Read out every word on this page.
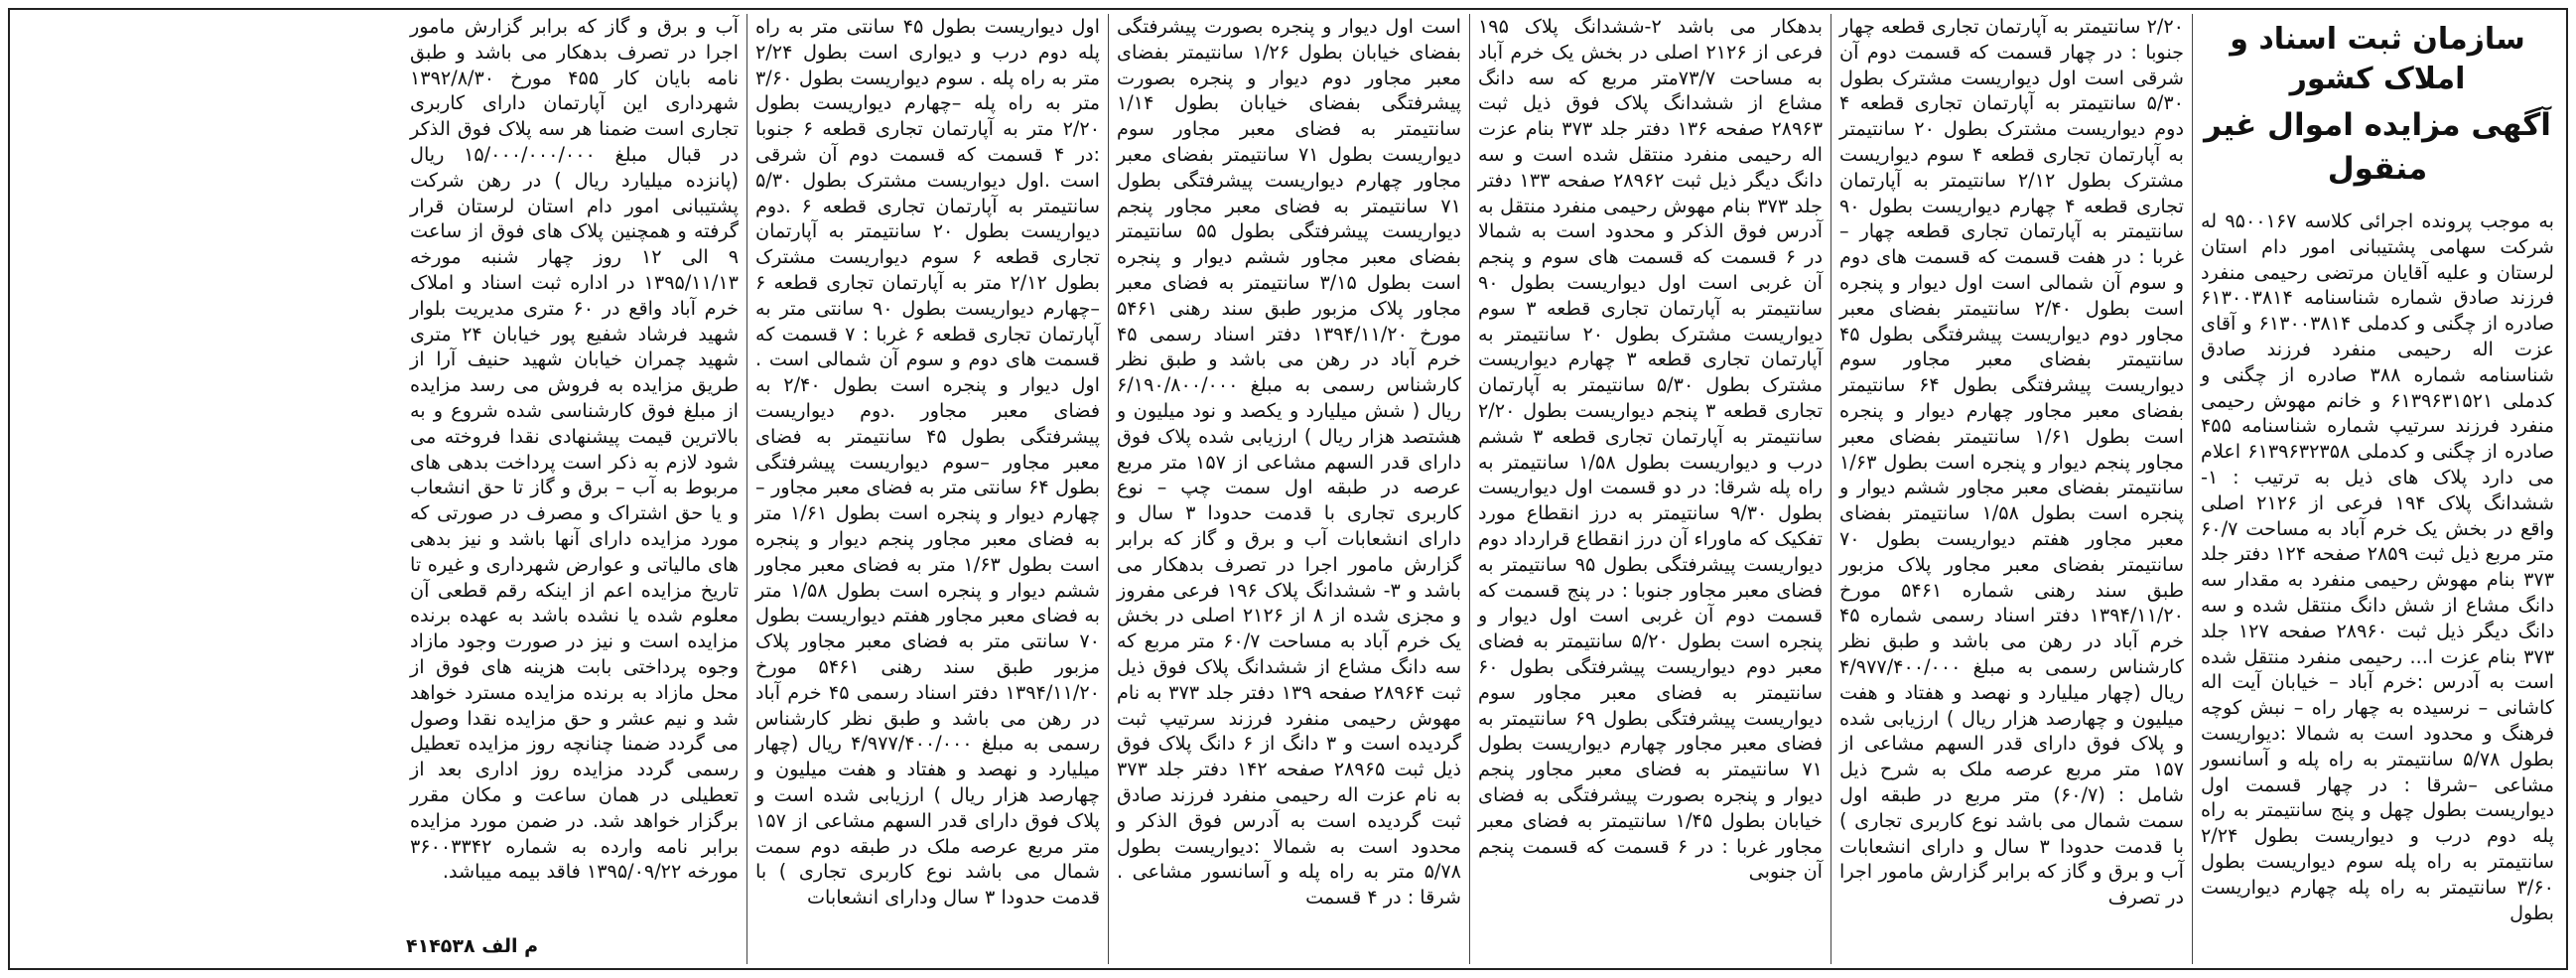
سازمان ثبت اسناد و املاک کشور
آگهی مزایده اموال غیر منقول

به موجب پرونده اجرائی کلاسه ۹۵۰۰۱۶۷ له شرکت سهامی پشتیبانی امور دام استان لرستان و علیه آقایان مرتضی رحیمی منفرد فرزند صادق شماره شناسنامه ۶۱۳۰۰۳۸۱۴ صادره از چگنی و کدملی ۶۱۳۰۰۳۸۱۴ و آقای عزت اله رحیمی منفرد فرزند صادق شناسنامه شماره ۳۸۸ صادره از چگنی و کدملی ۶۱۳۹۶۳۱۵۲۱ و خانم مهوش رحیمی منفرد فرزند سرتیپ شماره شناسنامه ۴۵۵ صادره از چگنی و کدملی ۶۱۳۹۶۳۲۳۵۸ اعلام می دارد پلاک های ذیل به ترتیب : ۱-ششدانگ پلاک ۱۹۴ فرعی از ۲۱۲۶ اصلی واقع در بخش یک خرم آباد به مساحت ۶۰/۷ متر مربع ذیل ثبت ۲۸۵۹ صفحه ۱۲۴ دفتر جلد ۳۷۳ بنام مهوش رحیمی منفرد به مقدار سه دانگ مشاع از شش دانگ منتقل شده و سه دانگ دیگر ذیل ثبت ۲۸۹۶۰ صفحه ۱۲۷ جلد ۳۷۳ بنام عزت ا... رحیمی منفرد منتقل شده است به آدرس :خرم آباد – خیابان آیت اله کاشانی – نرسیده به چهار راه – نبش کوچه فرهنگ و محدود است به شمالا :دیواریست بطول ۵/۷۸ سانتیمتر به راه پله و آسانسور مشاعی –شرقا : در چهار قسمت اول دیواریست بطول چهل و پنج سانتیمتر به راه پله دوم درب و دیواریست بطول ۲/۲۴ سانتیمتر به راه پله سوم دیواریست بطول ۳/۶۰ سانتیمتر به راه پله چهارم دیواریست بطول

۲/۲۰ سانتیمتر به آپارتمان تجاری قطعه چهار جنوبا : در چهار قسمت که قسمت دوم آن شرقی است اول دیواریست مشترک بطول ۵/۳۰ سانتیمتر به آپارتمان تجاری قطعه ۴ دوم دیواریست مشترک بطول ۲۰ سانتیمتر به آپارتمان تجاری قطعه ۴ سوم دیواریست مشترک بطول ۲/۱۲ سانتیمتر به آپارتمان تجاری قطعه ۴ چهارم دیواریست بطول ۹۰ سانتیمتر به آپارتمان تجاری قطعه چهار – غربا : در هفت قسمت که قسمت های دوم و سوم آن شمالی است اول دیوار و پنجره است بطول ۲/۴۰ سانتیمتر بفضای معبر مجاور دوم دیواریست پیشرفتگی بطول ۴۵ سانتیمتر بفضای معبر مجاور سوم دیواریست پیشرفتگی بطول ۶۴ سانتیمتر بفضای معبر مجاور چهارم دیوار و پنجره است بطول ۱/۶۱ سانتیمتر بفضای معبر مجاور پنجم دیوار و پنجره است بطول ۱/۶۳ سانتیمتر بفضای معبر مجاور ششم دیوار و پنجره است بطول ۱/۵۸ سانتیمتر بفضای معبر مجاور هفتم دیواریست بطول ۷۰ سانتیمتر بفضای معبر مجاور پلاک مزبور طبق سند رهنی شماره ۵۴۶۱ مورخ ۱۳۹۴/۱۱/۲۰ دفتر اسناد رسمی شماره ۴۵ خرم آباد در رهن می باشد و طبق نظر کارشناس رسمی به مبلغ ۴/۹۷۷/۴۰۰/۰۰۰ ریال (چهار میلیارد و نهصد و هفتاد و هفت میلیون و چهارصد هزار ریال ) ارزیابی شده و پلاک فوق دارای قدر السهم مشاعی از ۱۵۷ متر مربع عرصه ملک به شرح ذیل شامل : (۶۰/۷) متر مربع در طبقه اول سمت شمال می باشد نوع کاربری تجاری ) با قدمت حدودا ۳ سال و دارای انشعابات آب و برق و گاز که برابر گزارش مامور اجرا در تصرف

بدهکار می باشد ۲-ششدانگ پلاک ۱۹۵ فرعی از ۲۱۲۶ اصلی در بخش یک خرم آباد به مساحت ۷۳/۷متر مربع که سه دانگ مشاع از ششدانگ پلاک فوق ذیل ثبت ۲۸۹۶۳ صفحه ۱۳۶ دفتر جلد ۳۷۳ بنام عزت اله رحیمی منفرد منتقل شده است و سه دانگ دیگر ذیل ثبت ۲۸۹۶۲ صفحه ۱۳۳ دفتر جلد ۳۷۳ بنام مهوش رحیمی منفرد منتقل به آدرس فوق الذکر و محدود است به شمالا در ۶ قسمت که قسمت های سوم و پنجم آن غربی است اول دیواریست بطول ۹۰ سانتیمتر به آپارتمان تجاری قطعه ۳ سوم دیواریست مشترک بطول ۲۰ سانتیمتر به آپارتمان تجاری قطعه ۳ چهارم دیواریست مشترک بطول ۵/۳۰ سانتیمتر به آپارتمان تجاری قطعه ۳ پنجم دیواریست بطول ۲/۲۰ سانتیمتر به آپارتمان تجاری قطعه ۳ ششم درب و دیواریست بطول ۱/۵۸ سانتیمتر به راه پله شرقا: در دو قسمت اول دیواریست بطول ۹/۳۰ سانتیمتر به درز انقطاع مورد تفکیک که ماوراء آن درز انقطاع قرارداد دوم دیواریست پیشرفتگی بطول ۹۵ سانتیمتر به فضای معبر مجاور جنوبا : در پنج قسمت که قسمت دوم آن غربی است اول دیوار و پنجره است بطول ۵/۲۰ سانتیمتر به فضای معبر دوم دیواریست پیشرفتگی بطول ۶۰ سانتیمتر به فضای معبر مجاور سوم دیواریست پیشرفتگی بطول ۶۹ سانتیمتر به فضای معبر مجاور چهارم دیواریست بطول ۷۱ سانتیمتر به فضای معبر مجاور پنجم دیوار و پنجره بصورت پیشرفتگی به فضای خیابان بطول ۱/۴۵ سانتیمتر به فضای معبر مجاور غربا : در ۶ قسمت که قسمت پنجم آن جنوبی

است اول دیوار و پنجره بصورت پیشرفتگی بفضای خیابان بطول ۱/۲۶ سانتیمتر بفضای معبر مجاور دوم دیوار و پنجره بصورت پیشرفتگی بفضای خیابان بطول ۱/۱۴ سانتیمتر به فضای معبر مجاور سوم دیواریست بطول ۷۱ سانتیمتر بفضای معبر مجاور چهارم دیواریست پیشرفتگی بطول ۷۱ سانتیمتر به فضای معبر مجاور پنجم دیواریست پیشرفتگی بطول ۵۵ سانتیمتر بفضای معبر مجاور ششم دیوار و پنجره است بطول ۳/۱۵ سانتیمتر به فضای معبر مجاور پلاک مزبور طبق سند رهنی ۵۴۶۱ مورخ ۱۳۹۴/۱۱/۲۰ دفتر اسناد رسمی ۴۵ خرم آباد در رهن می باشد و طبق نظر کارشناس رسمی به مبلغ ۶/۱۹۰/۸۰۰/۰۰۰ ریال ( شش میلیارد و یکصد و نود میلیون و هشتصد هزار ریال ) ارزیابی شده پلاک فوق دارای قدر السهم مشاعی از ۱۵۷ متر مربع عرصه در طبقه اول سمت چپ – نوع کاربری تجاری با قدمت حدودا ۳ سال و دارای انشعابات آب و برق و گاز که برابر گزارش مامور اجرا در تصرف بدهکار می باشد و ۳- ششدانگ پلاک ۱۹۶ فرعی مفروز و مجزی شده از ۸ از ۲۱۲۶ اصلی در بخش یک خرم آباد به مساحت ۶۰/۷ متر مربع که سه دانگ مشاع از ششدانگ پلاک فوق ذیل ثبت ۲۸۹۶۴ صفحه ۱۳۹ دفتر جلد ۳۷۳ به نام مهوش رحیمی منفرد فرزند سرتیپ ثبت گردیده است و ۳ دانگ از ۶ دانگ پلاک فوق ذیل ثبت ۲۸۹۶۵ صفحه ۱۴۲ دفتر جلد ۳۷۳ به نام عزت اله رحیمی منفرد فرزند صادق ثبت گردیده است به آدرس فوق الذکر و محدود است به شمالا :دیواریست بطول ۵/۷۸ متر به راه پله و آسانسور مشاعی . شرقا : در ۴ قسمت

اول دیواریست بطول ۴۵ سانتی متر به راه پله دوم درب و دیواری است بطول ۲/۲۴ متر به راه پله . سوم دیواریست بطول ۳/۶۰ متر به راه پله –چهارم دیواریست بطول ۲/۲۰ متر به آپارتمان تجاری قطعه ۶ جنوبا :در ۴ قسمت که قسمت دوم آن شرقی است .اول دیواریست مشترک بطول ۵/۳۰ سانتیمتر به آپارتمان تجاری قطعه ۶ .دوم دیواریست بطول ۲۰ سانتیمتر به آپارتمان تجاری قطعه ۶ سوم دیواریست مشترک بطول ۲/۱۲ متر به آپارتمان تجاری قطعه ۶ –چهارم دیواریست بطول ۹۰ سانتی متر به آپارتمان تجاری قطعه ۶ غربا : ۷ قسمت که قسمت های دوم و سوم آن شمالی است . اول دیوار و پنجره است بطول ۲/۴۰ به فضای معبر مجاور .دوم دیواریست پیشرفتگی بطول ۴۵ سانتیمتر به فضای معبر مجاور –سوم دیواریست پیشرفتگی بطول ۶۴ سانتی متر به فضای معبر مجاور –چهارم دیوار و پنجره است بطول ۱/۶۱ متر به فضای معبر مجاور پنجم دیوار و پنجره است بطول ۱/۶۳ متر به فضای معبر مجاور ششم دیوار و پنجره است بطول ۱/۵۸ متر به فضای معبر مجاور هفتم دیواریست بطول ۷۰ سانتی متر به فضای معبر مجاور پلاک مزبور طبق سند رهنی ۵۴۶۱ مورخ ۱۳۹۴/۱۱/۲۰ دفتر اسناد رسمی ۴۵ خرم آباد در رهن می باشد و طبق نظر کارشناس رسمی به مبلغ ۴/۹۷۷/۴۰۰/۰۰۰ ریال (چهار میلیارد و نهصد و هفتاد و هفت میلیون و چهارصد هزار ریال ) ارزیابی شده است و پلاک فوق دارای قدر السهم مشاعی از ۱۵۷ متر مربع عرصه ملک در طبقه دوم سمت شمال می باشد نوع کاربری تجاری ) با قدمت حدودا ۳ سال ودارای انشعابات

آب و برق و گاز که برابر گزارش مامور اجرا در تصرف بدهکار می باشد و طبق نامه بایان کار ۴۵۵ مورخ ۱۳۹۲/۸/۳۰ شهرداری این آپارتمان دارای کاربری تجاری است ضمنا هر سه پلاک فوق الذکر در قبال مبلغ ۱۵/۰۰۰/۰۰۰/۰۰۰ ریال (پانزده میلیارد ریال ) در رهن شرکت پشتیبانی امور دام استان لرستان قرار گرفته و همچنین پلاک های فوق از ساعت ۹ الی ۱۲ روز چهار شنبه مورخه ۱۳۹۵/۱۱/۱۳ در اداره ثبت اسناد و املاک خرم آباد واقع در ۶۰ متری مدیریت بلوار شهید فرشاد شفیع پور خیابان ۲۴ متری شهید چمران خیابان شهید حنیف آرا از طریق مزایده به فروش می رسد مزایده از مبلغ فوق کارشناسی شده شروع و به بالاترین قیمت پیشنهادی نقدا فروخته می شود لازم به ذکر است پرداخت بدهی های مربوط به آب – برق و گاز تا حق انشعاب و یا حق اشتراک و مصرف در صورتی که مورد مزایده دارای آنها باشد و نیز بدهی های مالیاتی و عوارض شهرداری و غیره تا تاریخ مزایده اعم از اینکه رقم قطعی آن معلوم شده یا نشده باشد به عهده برنده مزایده است و نیز در صورت وجود مازاد وجوه پرداختی بابت هزینه های فوق از محل مازاد به برنده مزایده مسترد خواهد شد و نیم عشر و حق مزایده نقدا وصول می گردد ضمنا چنانچه روز مزایده تعطیل رسمی گردد مزایده روز اداری بعد از تعطیلی در همان ساعت و مکان مقرر برگزار خواهد شد. در ضمن مورد مزایده برابر نامه وارده به شماره ۳۶۰۰۳۳۴۲ مورخه ۱۳۹۵/۰۹/۲۲ فاقد بیمه میباشد.

م الف ۴۱۴۵۳۸
